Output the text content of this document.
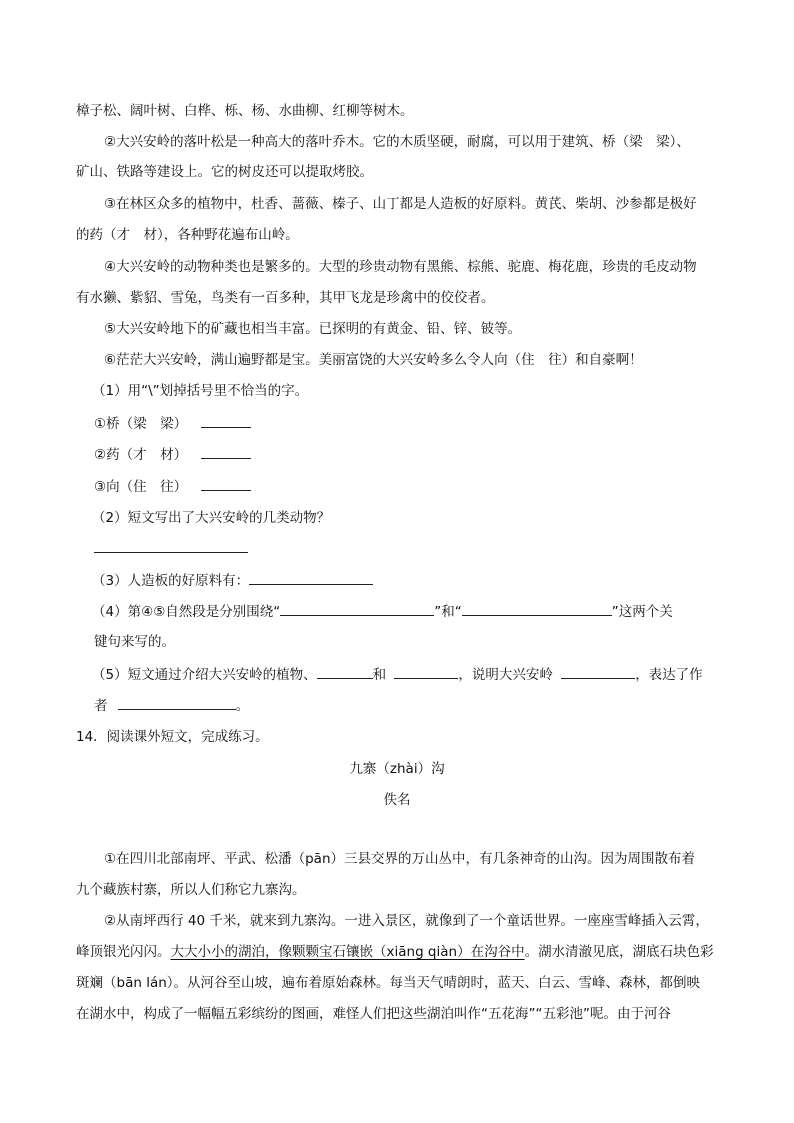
樟子松、阔叶树、白桦、栎、杨、水曲柳、红柳等树木。
②大兴安岭的落叶松是一种高大的落叶乔木。它的木质坚硬，耐腐，可以用于建筑、桥（梁　梁）、
矿山、铁路等建设上。它的树皮还可以提取烤胶。
③在林区众多的植物中，杜香、蔷薇、榛子、山丁都是人造板的好原料。黄芪、柴胡、沙参都是极好
的药（才　材），各种野花遍布山岭。
④大兴安岭的动物种类也是繁多的。大型的珍贵动物有黑熊、棕熊、驼鹿、梅花鹿，珍贵的毛皮动物
有水獭、紫貂、雪兔，鸟类有一百多种，其甲飞龙是珍禽中的佼佼者。
⑤大兴安岭地下的矿藏也相当丰富。已探明的有黄金、铅、锌、铍等。
⑥茫茫大兴安岭，满山遍野都是宝。美丽富饶的大兴安岭多么令人向（住　往）和自豪啊！
（1）用“\”划掉括号里不恰当的字。
①桥（梁　梁）
②药（才　材）
③向（住　往）
（2）短文写出了大兴安岭的几类动物？
（3）人造板的好原料有：
（4）第④⑤自然段是分别围绕“	”和“	”这两个关
键句来写的。
（5）短文通过介绍大兴安岭的植物、	和	，说明大兴安岭	，表达了作
者	。
14．阅读课外短文，完成练习。
九寨（zhài）沟
佚名
①在四川北部南坪、平武、松潘（pān）三县交界的万山丛中，有几条神奇的山沟。因为周围散布着
九个藏族村寨，所以人们称它九寨沟。
②从南坪西行 40 千米，就来到九寨沟。一进入景区，就像到了一个童话世界。一座座雪峰插入云霄，
峰顶银光闪闪。大大小小的湖泊，像颗颗宝石镶嵌（xiāng qiàn）在沟谷中。湖水清澈见底，湖底石块色彩
斑斓（bān lán）。从河谷至山坡，遍布着原始森林。每当天气晴朗时，蓝天、白云、雪峰、森林，都倒映
在湖水中，构成了一幅幅五彩缤纷的图画，难怪人们把这些湖泊叫作“五花海”“五彩池”呢。由于河谷
